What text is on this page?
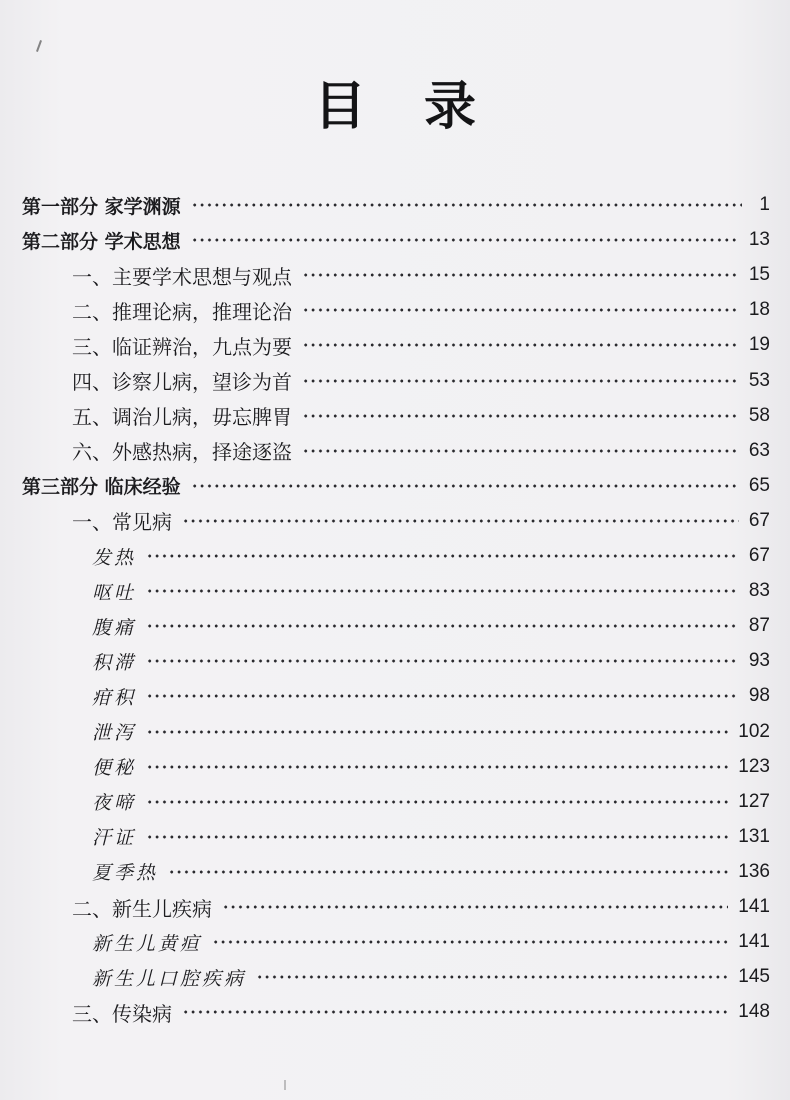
目录
第一部分 家学渊源	1
第二部分 学术思想	13
一、主要学术思想与观点	15
二、推理论病，推理论治	18
三、临证辨治，九点为要	19
四、诊察儿病，望诊为首	53
五、调治儿病，毋忘脾胃	58
六、外感热病，择途逐盗	63
第三部分 临床经验	65
一、常见病	67
发热	67
呕吐	83
腹痛	87
积滞	93
疳积	98
泄泻	102
便秘	123
夜啼	127
汗证	131
夏季热	136
二、新生儿疾病	141
新生儿黄疸	141
新生儿口腔疾病	145
三、传染病	148
